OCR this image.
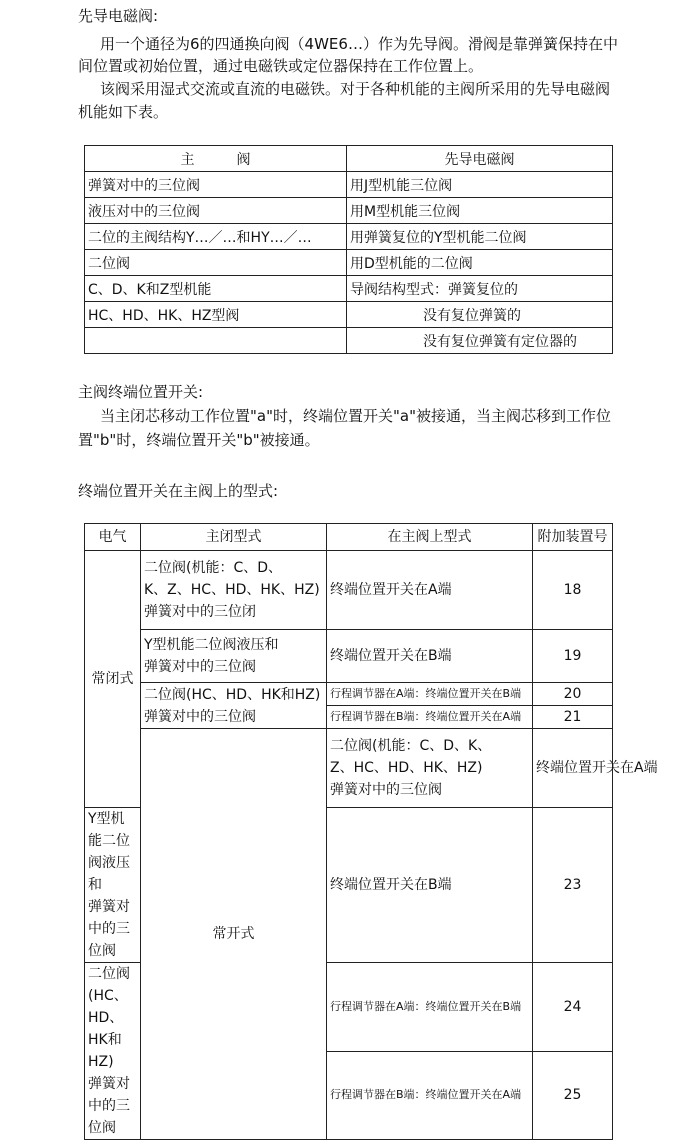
先导电磁阀:

用一个通径为6的四通换向阀（4WE6…）作为先导阀。滑阀是靠弹簧保持在中

间位置或初始位置，通过电磁铁或定位器保持在工作位置上。

该阀采用湿式交流或直流的电磁铁。对于各种机能的主阀所采用的先导电磁阀

机能如下表。

主　　　阀	先导电磁阀
弹簧对中的三位阀	用J型机能三位阀
液压对中的三位阀	用M型机能三位阀
二位的主阀结构Y…／…和HY…／…	用弹簧复位的Y型机能二位阀
二位阀	用D型机能的二位阀
C、D、K和Z型机能	导阀结构型式：弹簧复位的
HC、HD、HK、HZ型阀	没有复位弹簧的
	没有复位弹簧有定位器的

主阀终端位置开关:

当主闭芯移动工作位置"a"时，终端位置开关"a"被接通，当主阀芯移到工作位

置"b"时，终端位置开关"b"被接通。

终端位置开关在主阀上的型式:

电气	主闭型式	在主阀上型式	附加装置号	
常闭式	二位阀(机能：C、D、
K、Z、HC、HD、HK、HZ)
弹簧对中的三位闭	终端位置开关在A端	18	

	Y型机能二位阀液压和
弹簧对中的三位阀	终端位置开关在B端	19	

	二位阀(HC、HD、HK和HZ)
弹簧对中的三位阀	行程调节器在A端：终端位置开关在B端	20	
		行程调节器在B端：终端位置开关在A端	21	
	常开式	二位阀(机能：C、D、K、
Z、HC、HD、HK、HZ)
弹簧对中的三位阀	终端位置开关在A端	

Y型机能二位阀液压和
弹簧对中的三位阀		终端位置开关在B端	23	

二位阀(HC、HD、HK和HZ)
弹簧对中的三位阀		行程调节器在A端：终端位置开关在B端	24	
		行程调节器在B端：终端位置开关在A端	25	
